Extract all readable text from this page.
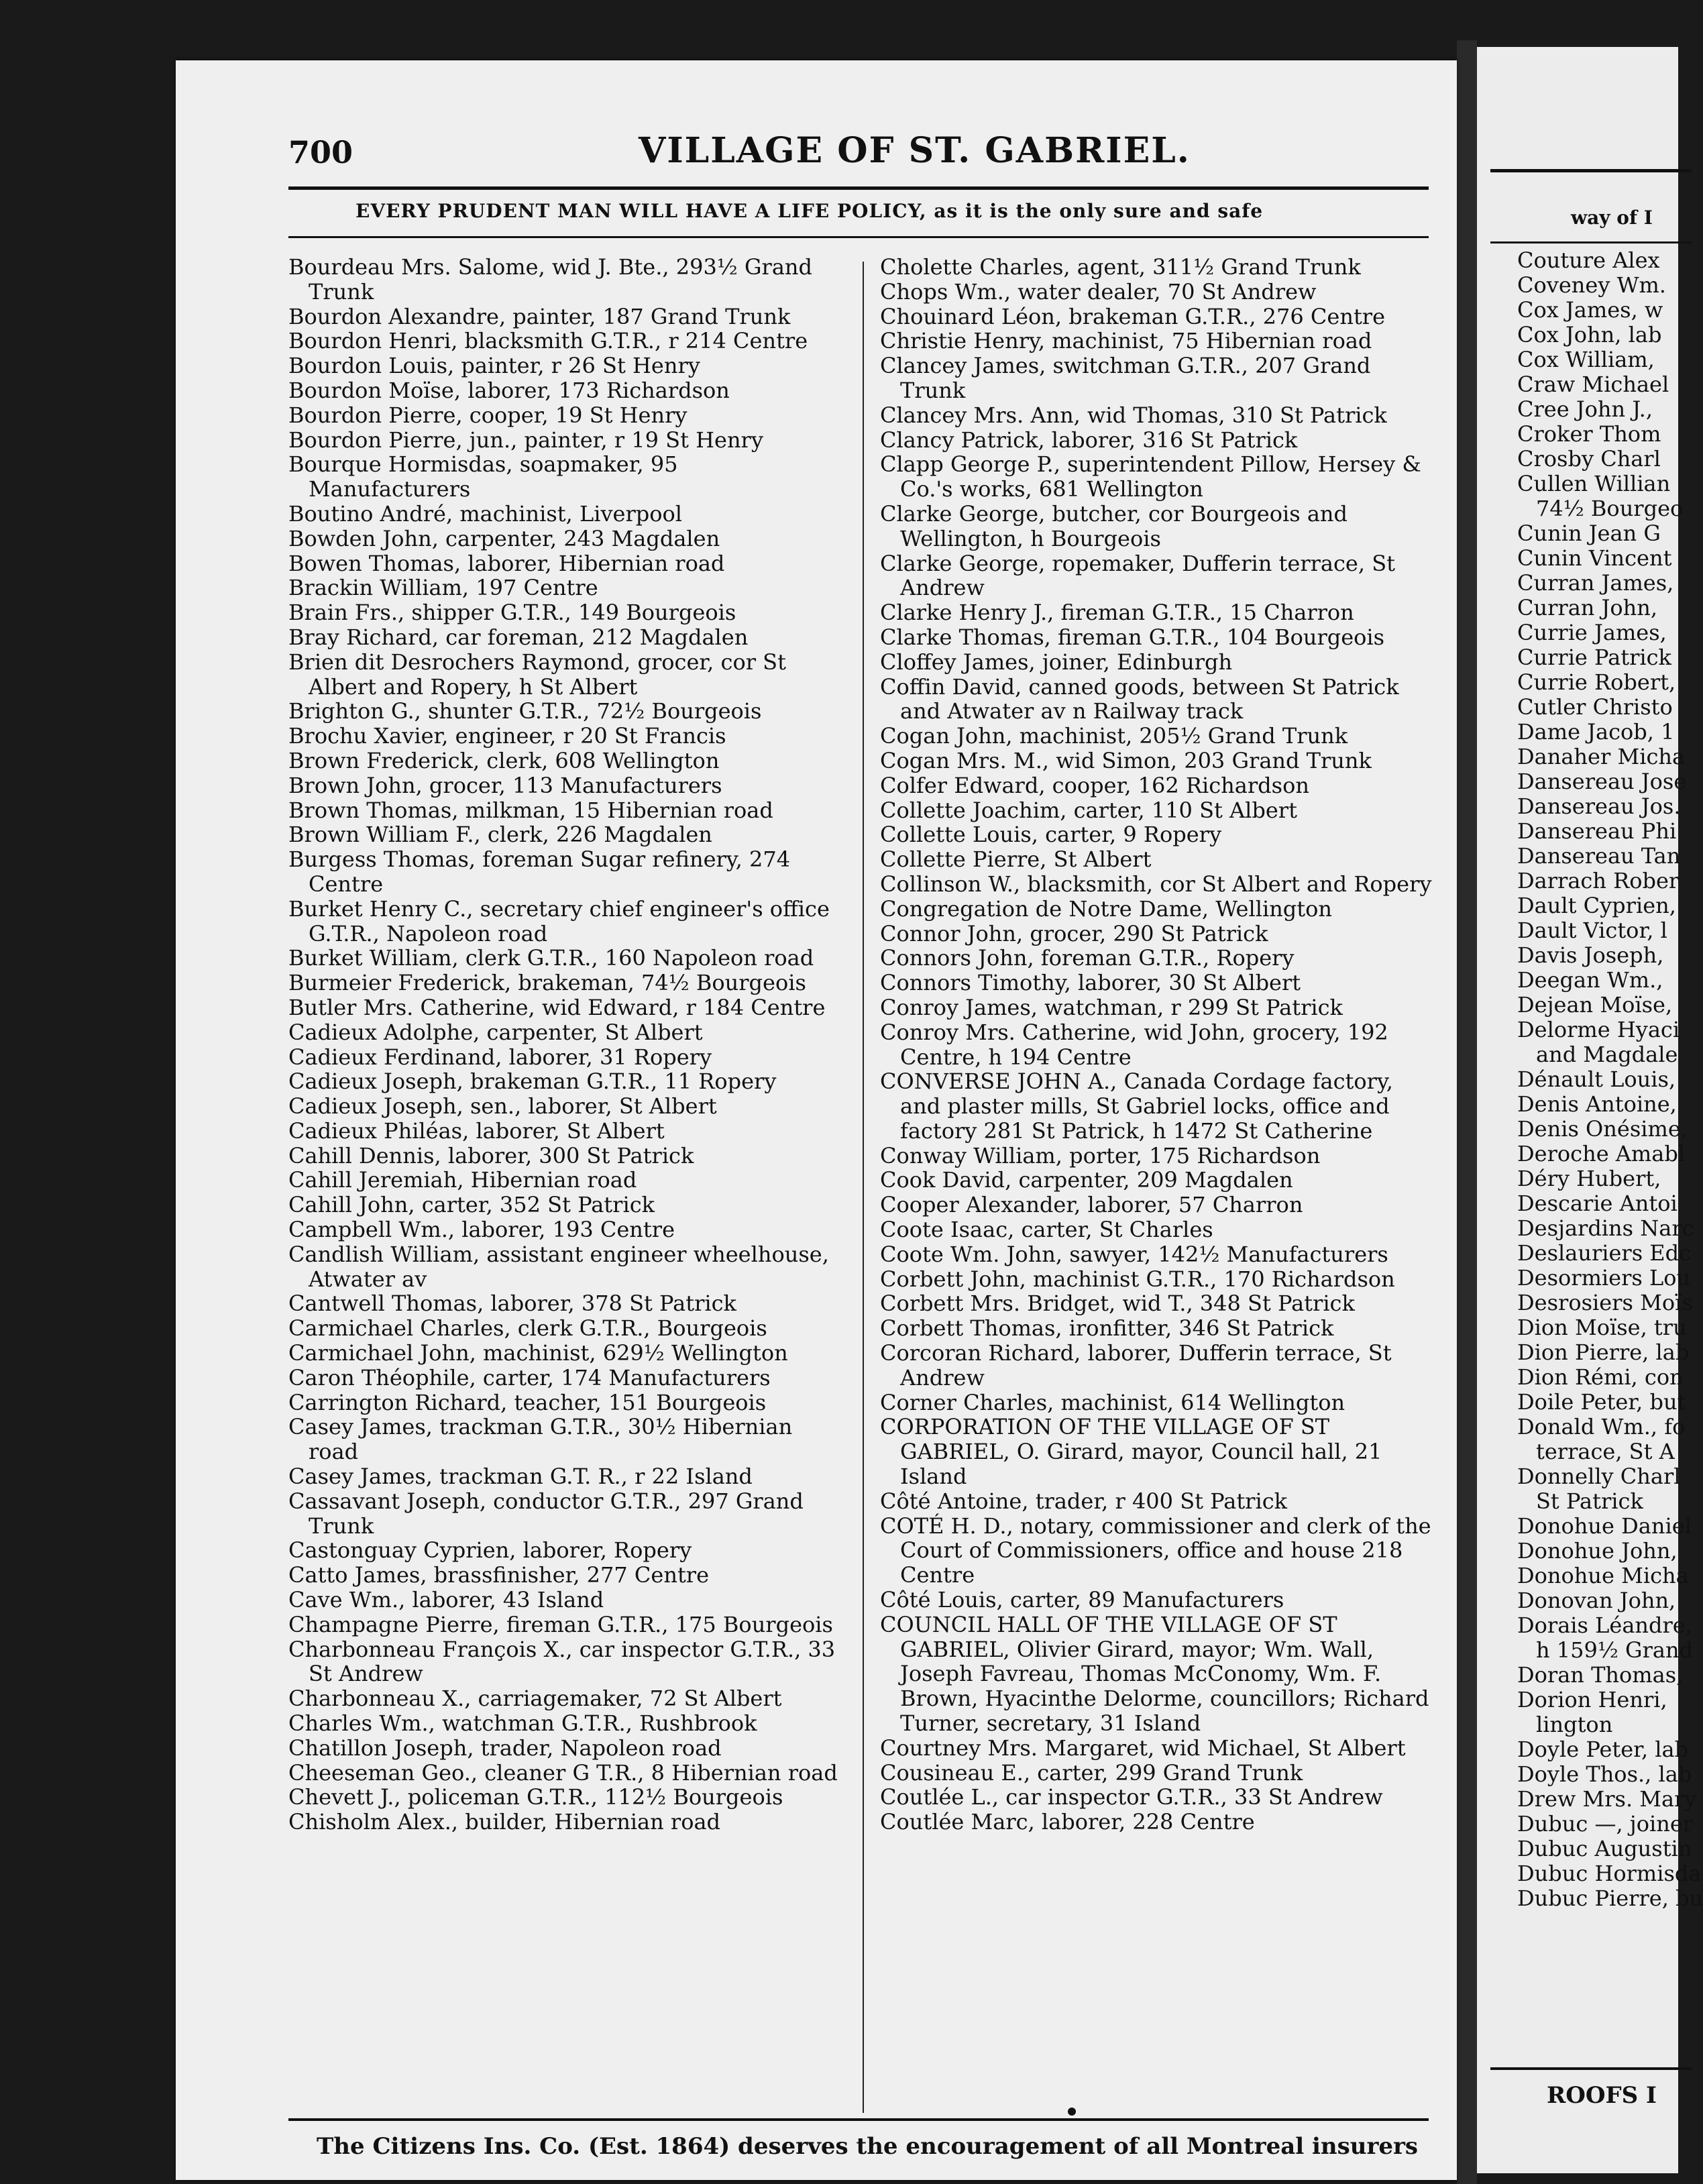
700	VILLAGE OF ST. GABRIEL.
EVERY PRUDENT MAN WILL HAVE A LIFE POLICY, as it is the only sure and safe
Bourdeau Mrs. Salome, wid J. Bte., 293½ Grand Trunk
Bourdon Alexandre, painter, 187 Grand Trunk
Bourdon Henri, blacksmith G.T.R., r 214 Centre
Bourdon Louis, painter, r 26 St Henry
Bourdon Moïse, laborer, 173 Richardson
Bourdon Pierre, cooper, 19 St Henry
Bourdon Pierre, jun., painter, r 19 St Henry
Bourque Hormisdas, soapmaker, 95 Manufacturers
Boutino André, machinist, Liverpool
Bowden John, carpenter, 243 Magdalen
Bowen Thomas, laborer, Hibernian road
Brackin William, 197 Centre
Brain Frs., shipper G.T.R., 149 Bourgeois
Bray Richard, car foreman, 212 Magdalen
Brien dit Desrochers Raymond, grocer, cor St Albert and Ropery, h St Albert
Brighton G., shunter G.T.R., 72½ Bourgeois
Brochu Xavier, engineer, r 20 St Francis
Brown Frederick, clerk, 608 Wellington
Brown John, grocer, 113 Manufacturers
Brown Thomas, milkman, 15 Hibernian road
Brown William F., clerk, 226 Magdalen
Burgess Thomas, foreman Sugar refinery, 274 Centre
Burket Henry C., secretary chief engineer's office G.T.R., Napoleon road
Burket William, clerk G.T.R., 160 Napoleon road
Burmeier Frederick, brakeman, 74½ Bourgeois
Butler Mrs. Catherine, wid Edward, r 184 Centre
Cadieux Adolphe, carpenter, St Albert
Cadieux Ferdinand, laborer, 31 Ropery
Cadieux Joseph, brakeman G.T.R., 11 Ropery
Cadieux Joseph, sen., laborer, St Albert
Cadieux Philéas, laborer, St Albert
Cahill Dennis, laborer, 300 St Patrick
Cahill Jeremiah, Hibernian road
Cahill John, carter, 352 St Patrick
Campbell Wm., laborer, 193 Centre
Candlish William, assistant engineer wheelhouse, Atwater av
Cantwell Thomas, laborer, 378 St Patrick
Carmichael Charles, clerk G.T.R., Bourgeois
Carmichael John, machinist, 629½ Wellington
Caron Théophile, carter, 174 Manufacturers
Carrington Richard, teacher, 151 Bourgeois
Casey James, trackman G.T.R., 30½ Hibernian road
Casey James, trackman G.T. R., r 22 Island
Cassavant Joseph, conductor G.T.R., 297 Grand Trunk
Castonguay Cyprien, laborer, Ropery
Catto James, brassfinisher, 277 Centre
Cave Wm., laborer, 43 Island
Champagne Pierre, fireman G.T.R., 175 Bourgeois
Charbonneau François X., car inspector G.T.R., 33 St Andrew
Charbonneau X., carriagemaker, 72 St Albert
Charles Wm., watchman G.T.R., Rushbrook
Chatillon Joseph, trader, Napoleon road
Cheeseman Geo., cleaner G T.R., 8 Hibernian road
Chevett J., policeman G.T.R., 112½ Bourgeois
Chisholm Alex., builder, Hibernian road
Cholette Charles, agent, 311½ Grand Trunk
Chops Wm., water dealer, 70 St Andrew
Chouinard Léon, brakeman G.T.R., 276 Centre
Christie Henry, machinist, 75 Hibernian road
Clancey James, switchman G.T.R., 207 Grand Trunk
Clancey Mrs. Ann, wid Thomas, 310 St Patrick
Clancy Patrick, laborer, 316 St Patrick
Clapp George P., superintendent Pillow, Hersey & Co.'s works, 681 Wellington
Clarke George, butcher, cor Bourgeois and Wellington, h Bourgeois
Clarke George, ropemaker, Dufferin terrace, St Andrew
Clarke Henry J., fireman G.T.R., 15 Charron
Clarke Thomas, fireman G.T.R., 104 Bourgeois
Cloffey James, joiner, Edinburgh
Coffin David, canned goods, between St Patrick and Atwater av n Railway track
Cogan John, machinist, 205½ Grand Trunk
Cogan Mrs. M., wid Simon, 203 Grand Trunk
Colfer Edward, cooper, 162 Richardson
Collette Joachim, carter, 110 St Albert
Collette Louis, carter, 9 Ropery
Collette Pierre, St Albert
Collinson W., blacksmith, cor St Albert and Ropery
Congregation de Notre Dame, Wellington
Connor John, grocer, 290 St Patrick
Connors John, foreman G.T.R., Ropery
Connors Timothy, laborer, 30 St Albert
Conroy James, watchman, r 299 St Patrick
Conroy Mrs. Catherine, wid John, grocery, 192 Centre, h 194 Centre
CONVERSE JOHN A., Canada Cordage factory, and plaster mills, St Gabriel locks, office and factory 281 St Patrick, h 1472 St Catherine
Conway William, porter, 175 Richardson
Cook David, carpenter, 209 Magdalen
Cooper Alexander, laborer, 57 Charron
Coote Isaac, carter, St Charles
Coote Wm. John, sawyer, 142½ Manufacturers
Corbett John, machinist G.T.R., 170 Richardson
Corbett Mrs. Bridget, wid T., 348 St Patrick
Corbett Thomas, ironfitter, 346 St Patrick
Corcoran Richard, laborer, Dufferin terrace, St Andrew
Corner Charles, machinist, 614 Wellington
CORPORATION OF THE VILLAGE OF ST GABRIEL, O. Girard, mayor, Council hall, 21 Island
Côté Antoine, trader, r 400 St Patrick
COTÉ H. D., notary, commissioner and clerk of the Court of Commissioners, office and house 218 Centre
Côté Louis, carter, 89 Manufacturers
COUNCIL HALL OF THE VILLAGE OF ST GABRIEL, Olivier Girard, mayor; Wm. Wall, Joseph Favreau, Thomas McConomy, Wm. F. Brown, Hyacinthe Delorme, councillors; Richard Turner, secretary, 31 Island
Courtney Mrs. Margaret, wid Michael, St Albert
Cousineau E., carter, 299 Grand Trunk
Coutlée L., car inspector G.T.R., 33 St Andrew
Coutlée Marc, laborer, 228 Centre
The Citizens Ins. Co. (Est. 1864) deserves the encouragement of all Montreal insurers
way of I
Couture Alex
Coveney Wm.
Cox James, w
Cox John, lab
Cox William,
Craw Michael
Cree John J.,
Croker Thom
Crosby Charl
Cullen Willian
74½ Bourgeo
Cunin Jean G
Cunin Vincent
Curran James,
Curran John,
Currie James,
Currie Patrick
Currie Robert,
Cutler Christo
Dame Jacob, 1
Danaher Micha
Dansereau Jose
Dansereau Jos.
Dansereau Phi
Dansereau Tan
Darrach Rober
Dault Cyprien,
Dault Victor, l
Davis Joseph,
Deegan Wm.,
Dejean Moïse,
Delorme Hyaci
and Magdale
Dénault Louis,
Denis Antoine,
Denis Onésime,
Deroche Amabl
Déry Hubert,
Descarie Antoi
Desjardins Narc
Deslauriers Edc
Desormiers Lou
Desrosiers Moïs
Dion Moïse, tru
Dion Pierre, lab
Dion Rémi, con
Doile Peter, but
Donald Wm., fo
terrace, St A
Donnelly Charl
St Patrick
Donohue Daniel
Donohue John,
Donohue Micha
Donovan John,
Dorais Léandre,
h 159½ Grand
Doran Thomas,
Dorion Henri,
lington
Doyle Peter, lab
Doyle Thos., lab
Drew Mrs. Mary
Dubuc —, joiner
Dubuc Augustin
Dubuc Hormisda
Dubuc Pierre, bu
ROOFS I
